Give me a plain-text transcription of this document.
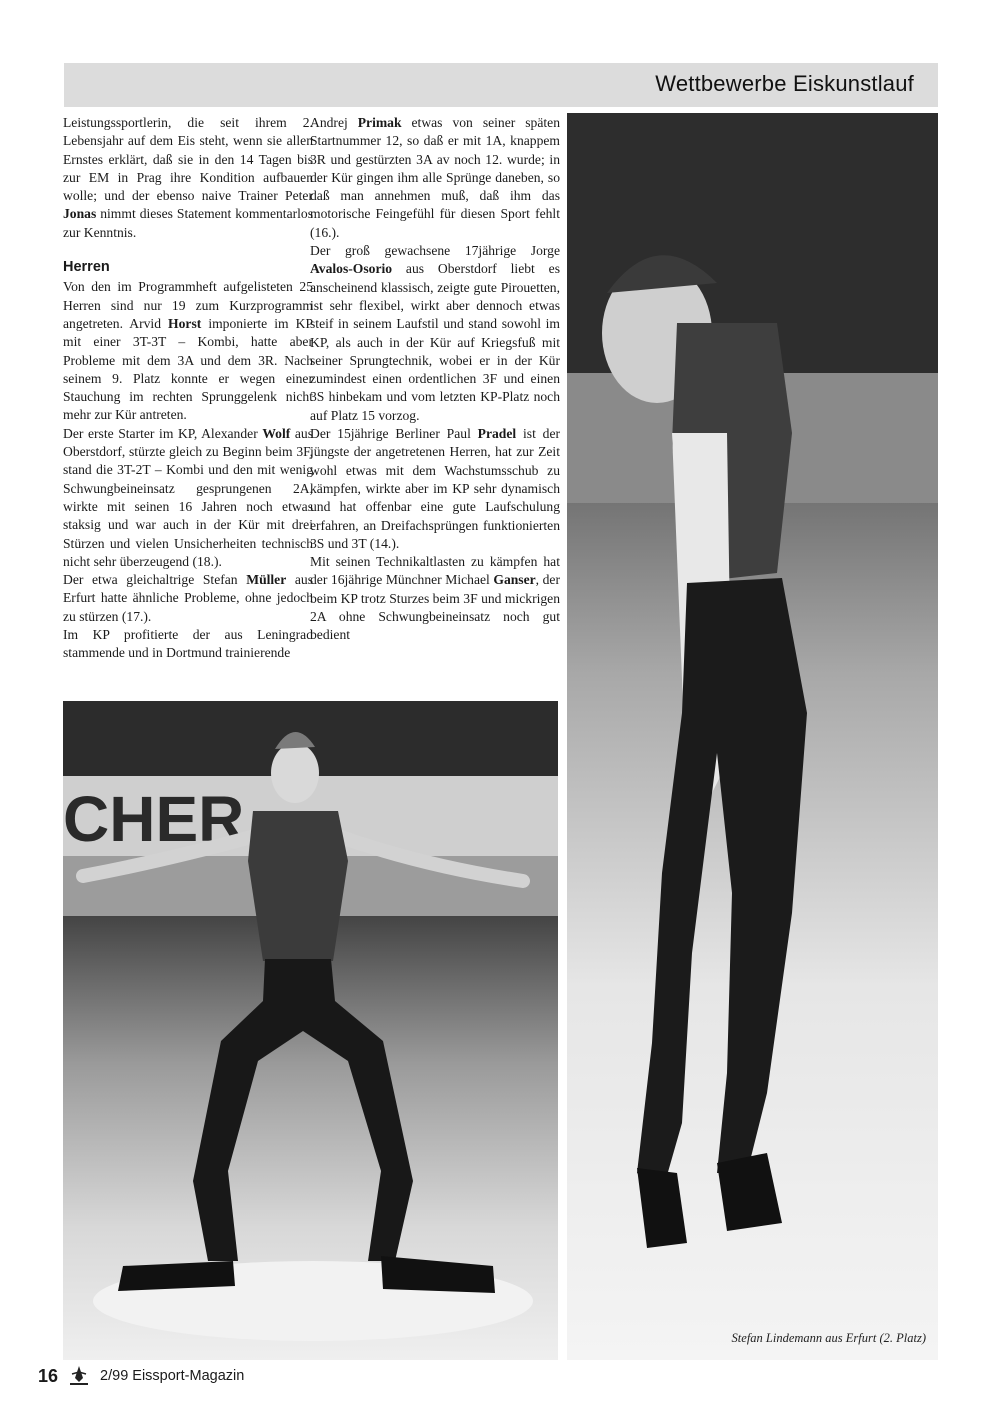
Wettbewerbe Eiskunstlauf

Leistungssportlerin, die seit ihrem 2. Lebensjahr auf dem Eis steht, wenn sie allen Ernstes erklärt, daß sie in den 14 Tagen bis zur EM in Prag ihre Kondition aufbauen wolle; und der ebenso naive Trainer Peter Jonas nimmt dieses Statement kommentarlos zur Kenntnis.

Herren

Von den im Programmheft aufgelisteten 25 Herren sind nur 19 zum Kurzprogramm angetreten. Arvid Horst imponierte im KP mit einer 3T-3T – Kombi, hatte aber Probleme mit dem 3A und dem 3R. Nach seinem 9. Platz konnte er wegen einer Stauchung im rechten Sprunggelenk nicht mehr zur Kür antreten.

Der erste Starter im KP, Alexander Wolf aus Oberstdorf, stürzte gleich zu Beginn beim 3F, stand die 3T-2T – Kombi und den mit wenig Schwungbeineinsatz gesprungenen 2A, wirkte mit seinen 16 Jahren noch etwas staksig und war auch in der Kür mit drei Stürzen und vielen Unsicherheiten technisch nicht sehr überzeugend (18.).

Der etwa gleichaltrige Stefan Müller aus Erfurt hatte ähnliche Probleme, ohne jedoch zu stürzen (17.).

Im KP profitierte der aus Leningrad stammende und in Dortmund trainierende

Andrej Primak etwas von seiner späten Startnummer 12, so daß er mit 1A, knappem 3R und gestürzten 3A av noch 12. wurde; in der Kür gingen ihm alle Sprünge daneben, so daß man annehmen muß, daß ihm das motorische Feingefühl für diesen Sport fehlt (16.).

Der groß gewachsene 17jährige Jorge Avalos-Osorio aus Oberstdorf liebt es anscheinend klassisch, zeigte gute Pirouetten, ist sehr flexibel, wirkt aber dennoch etwas steif in seinem Laufstil und stand sowohl im KP, als auch in der Kür auf Kriegsfuß mit seiner Sprungtechnik, wobei er in der Kür zumindest einen ordentlichen 3F und einen 3S hinbekam und vom letzten KP-Platz noch auf Platz 15 vorzog.

Der 15jährige Berliner Paul Pradel ist der jüngste der angetretenen Herren, hat zur Zeit wohl etwas mit dem Wachstumsschub zu kämpfen, wirkte aber im KP sehr dynamisch und hat offenbar eine gute Laufschulung erfahren, an Dreifachsprüngen funktionierten 3S und 3T (14.).

Mit seinen Technikaltlasten zu kämpfen hat der 16jährige Münchner Michael Ganser, der beim KP trotz Sturzes beim 3F und mickrigen 2A ohne Schwungbeineinsatz noch gut bedient

CHER
Stefan Lindemann aus Erfurt (2. Platz)
16	2/99 Eissport-Magazin
